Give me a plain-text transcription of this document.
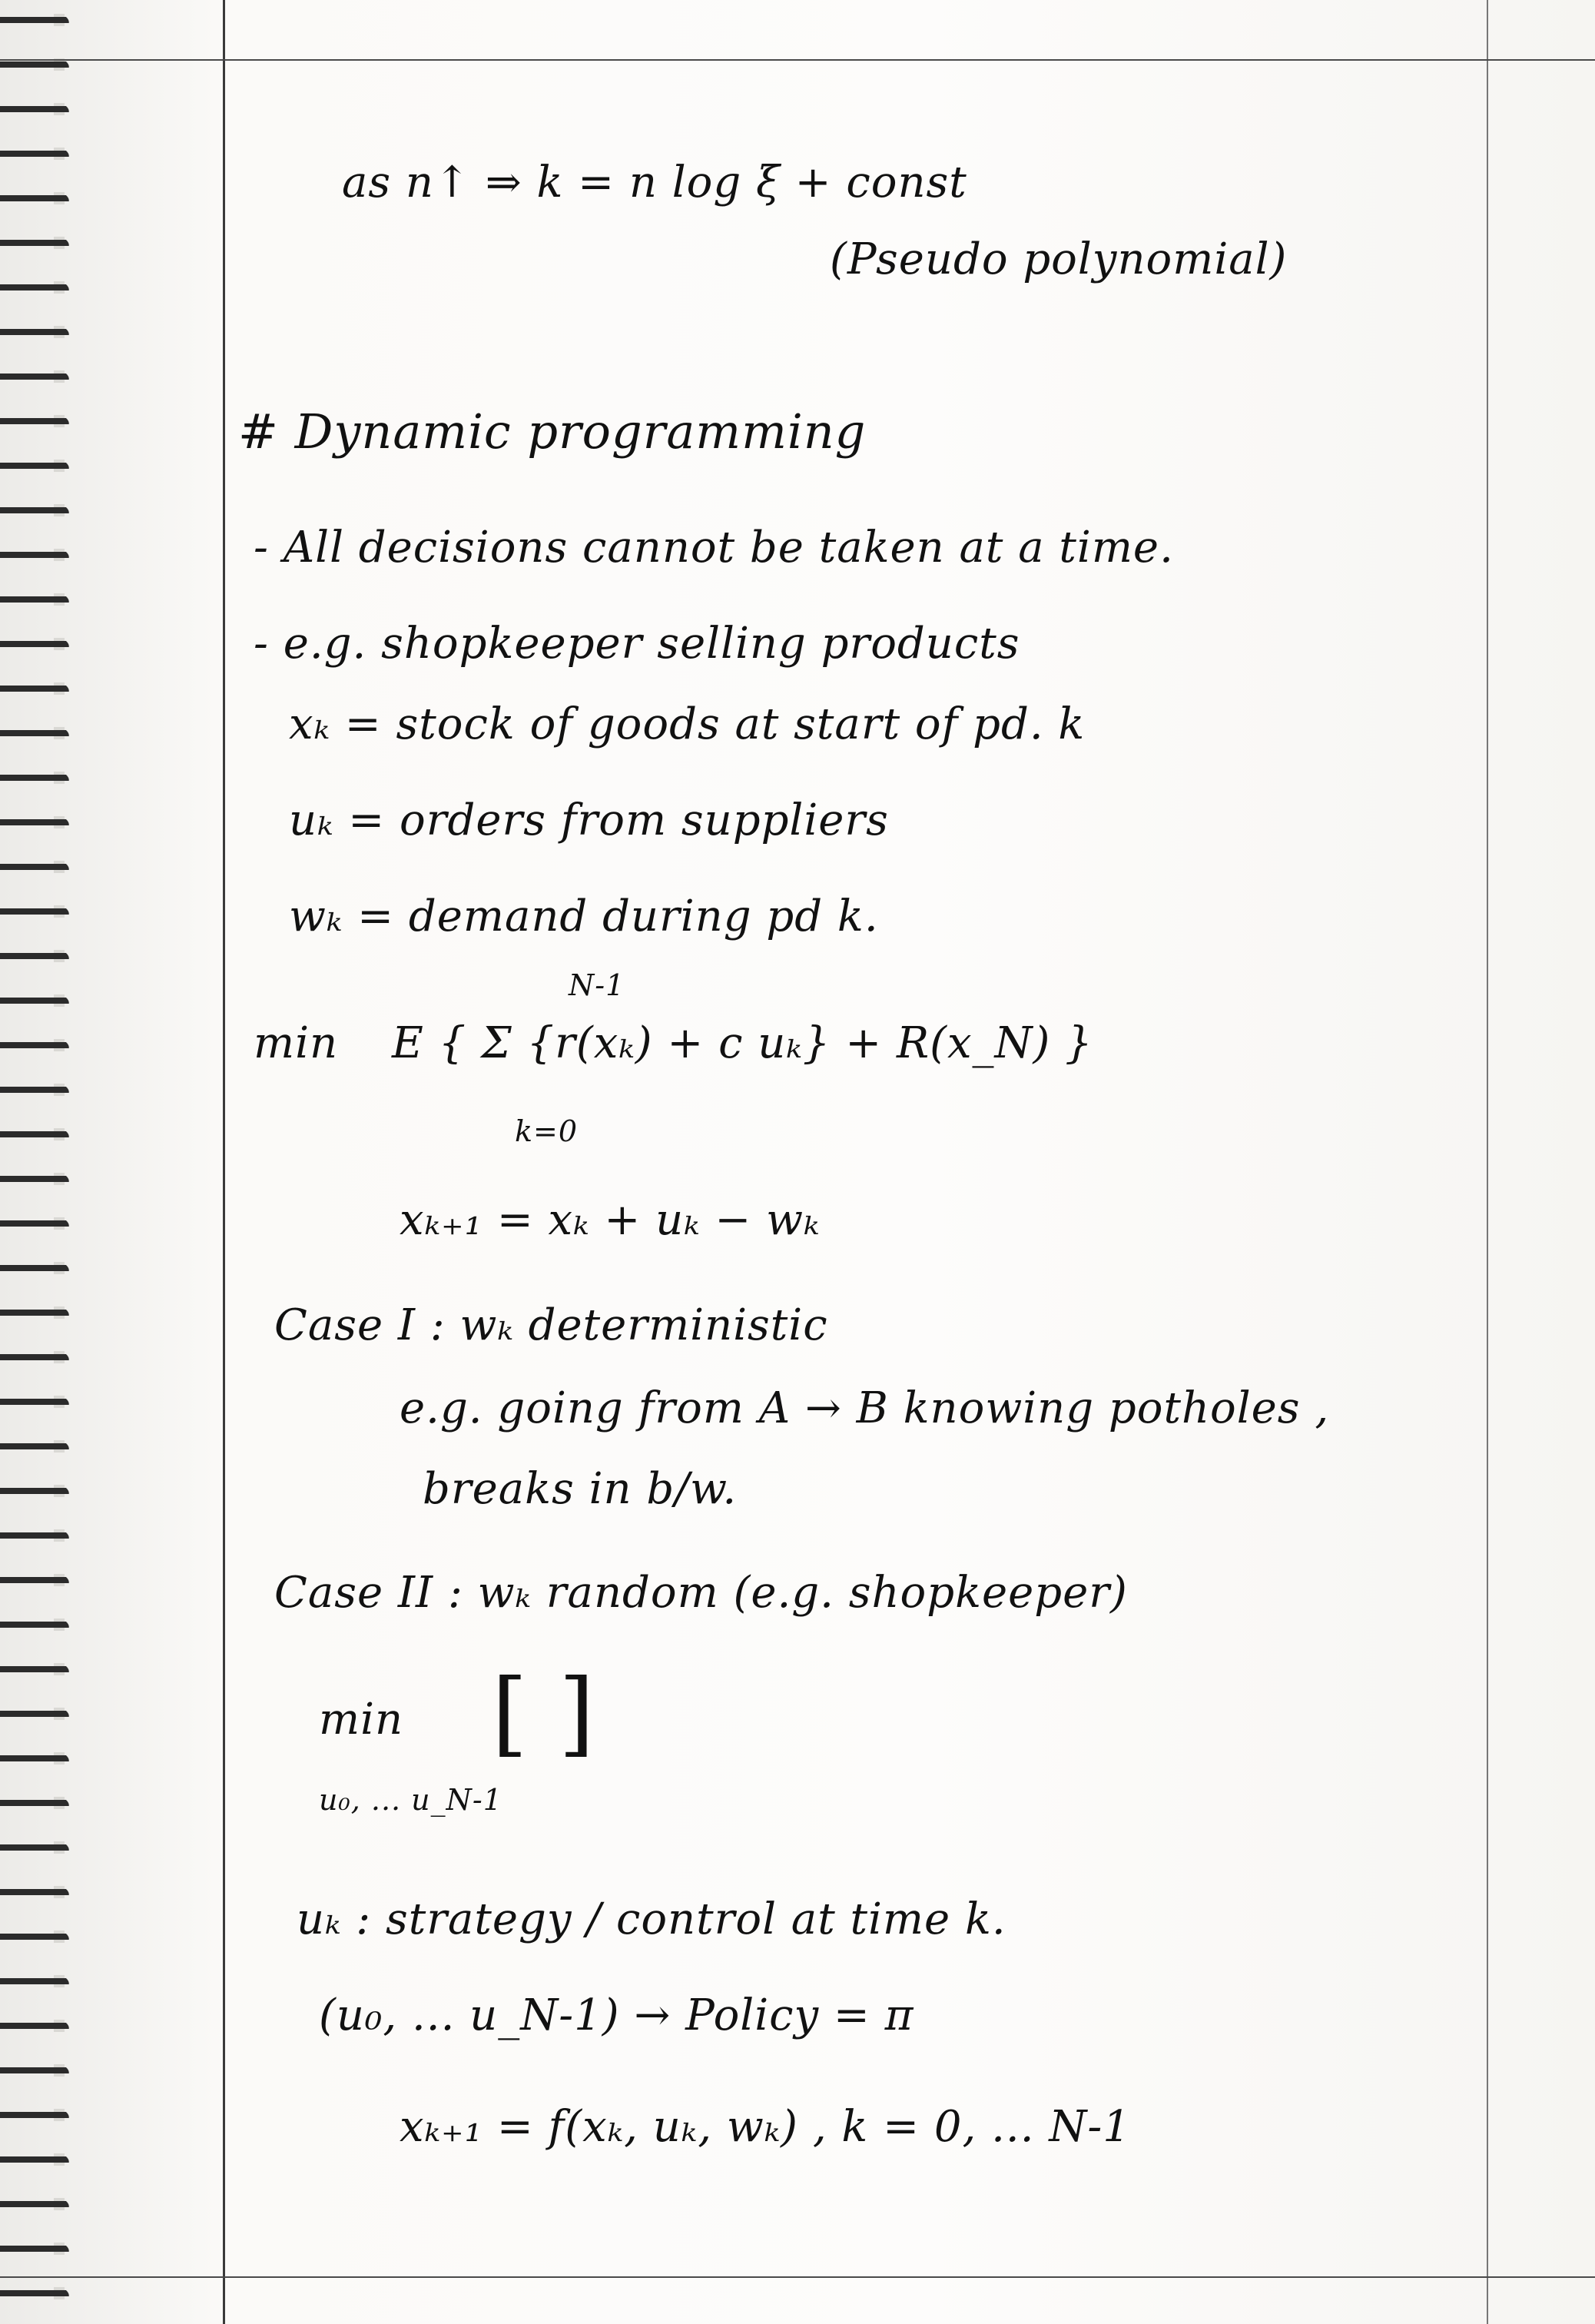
as n↑ ⇒ k = n log ξ + const
(Pseudo polynomial)
# Dynamic programming
- All decisions cannot be taken at a time.
- e.g. shopkeeper selling products
xₖ = stock of goods at start of pd. k
uₖ = orders from suppliers
wₖ = demand during pd k.
min
N-1
E { Σ {r(xₖ) + c uₖ} + R(x_N) }
k=0
xₖ₊₁ = xₖ + uₖ − wₖ
Case I : wₖ deterministic
e.g. going from A → B knowing potholes ,
breaks in b/w.
Case II : wₖ random (e.g. shopkeeper)
min [ ]
u₀, ... u_N-1
uₖ : strategy / control at time k.
(u₀, ... u_N-1) → Policy = π
xₖ₊₁ = f(xₖ, uₖ, wₖ) , k = 0, ... N-1
